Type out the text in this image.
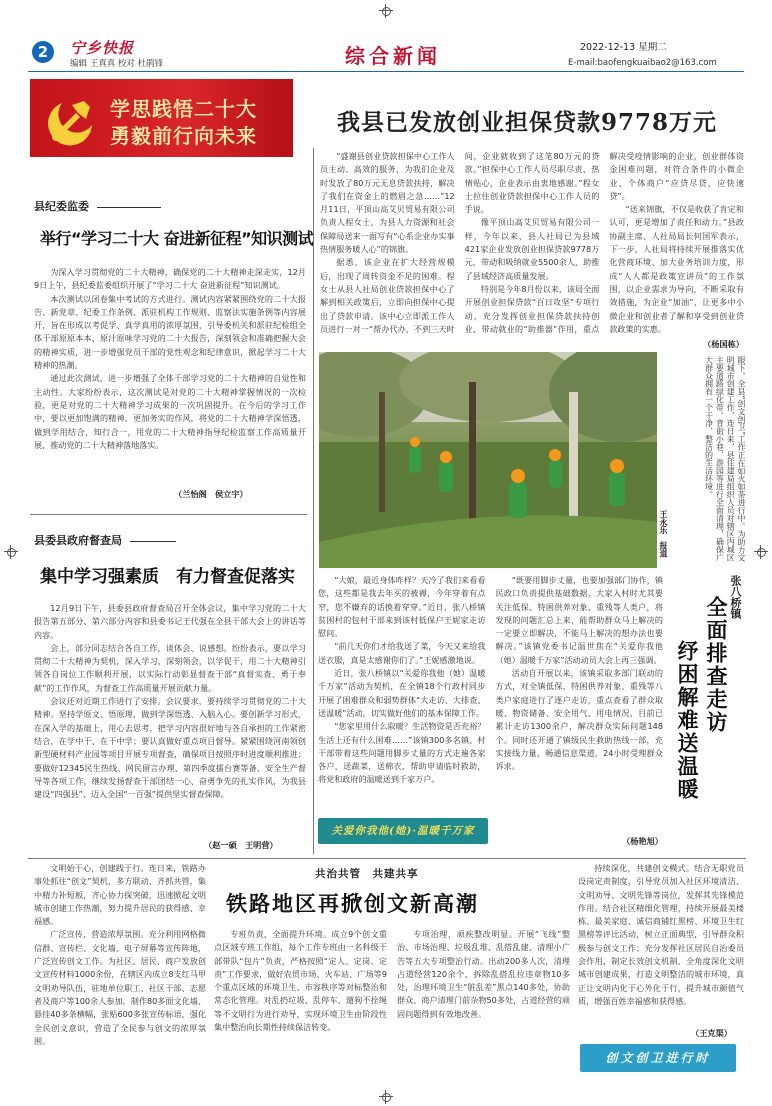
2	宁乡快报
编辑 王真真 校对 杜鹃锋	综合新闻	2022-12-13 星期二
E-mail:baofengkuaibao2@163.com
学思践悟二十大
勇毅前行向未来	我县已发放创业担保贷款9778万元
县纪委监委
举行“学习二十大 奋进新征程”知识测试

为深入学习贯彻党的二十大精神，确保党的二十大精神走深走实，12月9日上午，县纪委监委组织开展了“学习二十大 奋进新征程”知识测试。

本次测试以闭卷集中考试的方式进行。测试内容紧紧围绕党的二十大报告、新党章、纪委工作条例、派驻机构工作规则、监察法实施条例等内容展开，旨在形成以考促学、真学真用的浓厚氛围，引导委机关和派驻纪检组全体干部原原本本、原汁原味学习党的二十大报告，深刻领会和准确把握大会的精神实质，进一步增强党员干部的党性观念和纪律意识，掀起学习二十大精神的热潮。

通过此次测试，进一步增强了全体干部学习党的二十大精神的自觉性和主动性。大家纷纷表示，这次测试是对党的二十大精神掌握情况的一次检验，更是对党的二十大精神学习成果的一次巩固提升。在今后的学习工作中，要以更加饱满的精神、更加务实的作风，将党的二十大精神学深悟透，做到学用结合，知行合一，用党的二十大精神指导纪检监察工作高质量开展，推动党的二十大精神落地落实。

（兰怡阁　侯立宇）
县委县政府督查局
集中学习强素质　有力督查促落实

12月9日下午，县委县政府督查局召开全体会议，集中学习党的二十大报告第五部分、第六部分内容和县委书记王代强在全县干部大会上的讲话等内容。

会上，部分同志结合各自工作，谈体会、说感想。纷纷表示，要以学习贯彻二十大精神为契机，深入学习，深刻领会，以学促干，用二十大精神引领各自岗位工作顺利开展，以实际行动彰显督查干部“真督实查、勇于奉献”的工作作风，为督查工作高质量开展贡献力量。

会议还对近期工作进行了安排。会议要求，要持续学习贯彻党的二十大精神。坚持学原文、悟原理，做到学深悟透、入脑入心。要创新学习形式，在深入学的基础上，用心去思考，把学习内容很好地与各自承担的工作紧密结合，在学中干、在干中学；要认真做好重点项目督导。紧紧围绕河南领创新型硬材料产业园等项目开展专项督查，确保项目按照序时进度顺利推进；要做好12345民生热线、网民留言办理、第四季度擂台赛等备、安全生产督导等各项工作，继续发扬督查干部团结一心、奋勇争先的扎实作风，为我县建设“四强县”、迈入全国“一百强”提供坚实督查保障。

（赵一硕　王明营）

“盛谢县创业贷款担保中心工作人员主动、高效的服务，为我们企业及时发放了80万元无息贷款扶持，解决了我们在资金上的燃眉之急……”12月11日，平顶山高艾贝贸易有限公司负责人程女士，为县人力资源和社会保障局送来一面写有“心系企业办实事　热情服务暖人心”的锦旗。

据悉，该企业在扩大经营规模后，出现了周转资金不足的困难。程女士从县人社局创业贷款担保中心了解到相关政策后，立即向担保中心提出了贷款申请。该中心立即派工作人员进行一对一“帮办代办，不到三天时间，企业就收到了这笔80万元的贷款。”担保中心工作人员尽职尽责、热情贴心，企业表示由衷地感谢。”程女士拉住创业贷款担保中心工作人员的手说。

像平顶山高艾贝贸易有限公司一样，今年以来，县人社局已为县域421家企业发放创业担保贷款9778万元，带动和吸纳就业5500余人，助推了县域经济高质量发展。

特别是今年8月份以来，该局全面开展创业担保贷款“百日攻坚”专项行动，充分发挥创业担保贷款扶持创业、带动就业的“助推器”作用，重点解决受疫情影响的企业，创业群体资金困难问题，对符合条件的小微企业、个体商户“应贷尽贷，应快速贷”。

“送来锦旗，不仅是收获了肯定和认可，更是增加了责任和动力。”县政协副主席、人社局局长何国军表示，下一步，人社局将持续开展推落实优化营商环境、加大业务培训力度，形成“人人都是政策宣讲员”的工作氛围，以企业需求为导向，不断采取有效措施，为企业“加油”，让更多中小微企业和创业者了解和享受到创业贷款政策的实惠。

（杨国栋）
眼下，全县“创文创卫”工作正在如火如荼进行中。为助力文明城市创建工作，连日来，县住建局组织人员对辖区内城区主要道路绿化带、背街小巷、游园等进行全面清理，确保广大群众拥有一个干净、整洁的生活环境。
王永乐　报道
张八桥镇
全面排查走访
纾困解难送温暖

“大娘，最近身体咋样？天冷了我们来看看您，这些都是我去年买的被褥，今年穿着有点窄，您不嫌弃的话换着穿穿。”近日，张八桥镇贫困村的包村干部来到该村低保户王妮家走访慰问。

“前几天你们才给我送了菜，今天又来给我送衣服，真是太感谢你们了。”王妮感激地说。

近日，张八桥镇以“关爱你我他（她）温暖千万家”活动为契机，在全镇18个行政村同步开展了困难群众和弱势群体“大走访、大排查、送温暖”活动，切实做好他们的基本保障工作。

“您家里用什么取暖？生活物资是否充裕？生活上还有什么困难……”该镇300多名镇、村干部带着这些问题用脚步丈量的方式走遍各家各户，送蔬菜，送棉衣，帮助申请临时救助，将党和政府的温暖送到千家万户。

“既要用脚步丈量，也要加强部门协作，镇民政口负责提供基础数据，大家入村时尤其要关注低保、特困供养对象、重残等人类户，将发现的问题汇总上来，能帮助群众马上解决的一定要立即解决，不能马上解决的想办法也要解决。”该镇党委书记温世焦在“关爱你我他（她）温暖千万家”活动动员大会上再三强调。

活动自开展以来，该镇采取多部门联动的方式，对全镇低保、特困供养对象、重残等八类户家庭进行了逐户走访，重点查看了群众取暖、物资储备、安全用气、用电情况，目前已累计走访1300余户，解决群众实际问题148个。同时还开通了镇级民生救助热线一部，充实接线力量，畅通信息渠道，24小时受理群众诉求。

（杨艳旭）
关爱你我他(她)·温暖千万家
共治共管　共建共享
铁路地区再掀创文新高潮

文明始于心，创建践于行。连日来，铁路办事处抓住“创文”契机，多方联动、齐抓共管，集中精力补短板，齐心协力探突破，迅速掀起文明城市创建工作热潮，努力提升居民的获得感、幸福感。

广泛宣传，营造浓厚氛围。充分利用网格微信群、宣传栏、文化墙、电子屏幕等宣传阵地，广泛宣传创文工作。为社区、居民、商户发放创文宣传材料1000余份，在辖区内成立8支红马甲文明劝导队伍，驻地单位职工、社区干部、志愿者及商户等100余人参加。制作80多面文化墙、悬挂40多条横幅，张贴600多张宣传标语，强化全民创文意识，营造了全民参与创文的浓厚氛围。

专班负责，全面提升环境。成立9个创文重点区域专班工作组，每个工作专班由一名科级干部带队“包片”负责，严格按照“定人、定岗、定责”工作要求，做好农贸市场、火车站、广场等9个重点区域的环境卫生、市容秩序等对标整治和常态化管理。对乱扔垃圾、乱停车、遛狗不拴绳等不文明行为进行劝导，实现环境卫生由阶段性集中整治向长期性持续保洁转变。

专项治理，顽疾整改明显。开展“飞线”整治、市场治理、垃圾乱堆、乱搭乱建、清理小广告等五大专项整治行动。出动200多人次，清理占道经营120余个，拆除乱搭乱拉违章物10多处，治理环境卫生“脏乱差”黑点140多处，协助群众、商户清理门前杂物50多处，占道经营的顽固问题得到有效地改善。

持续深化，共建创文模式。结合无职党员设岗定责制度，引导党员加入社区环境清洁、文明劝导、文明先锋等岗位，发挥其先锋模范作用。结合社区精细化管理，持续开展最美楼栋、最美家庭、诚信商铺红黑榜、环境卫生红黑榜等评比活动，树立正面典型，引导群众积极参与创文工作；充分发挥社区居民自治委员会作用，制定长效创文机制，全角度深化文明城市创建成果，打造文明整洁的城市环境，真正让文明内化于心外化于行，提升城市颜值气质，增强百姓幸福感和获得感。

（王克渠）
创文创卫进行时
